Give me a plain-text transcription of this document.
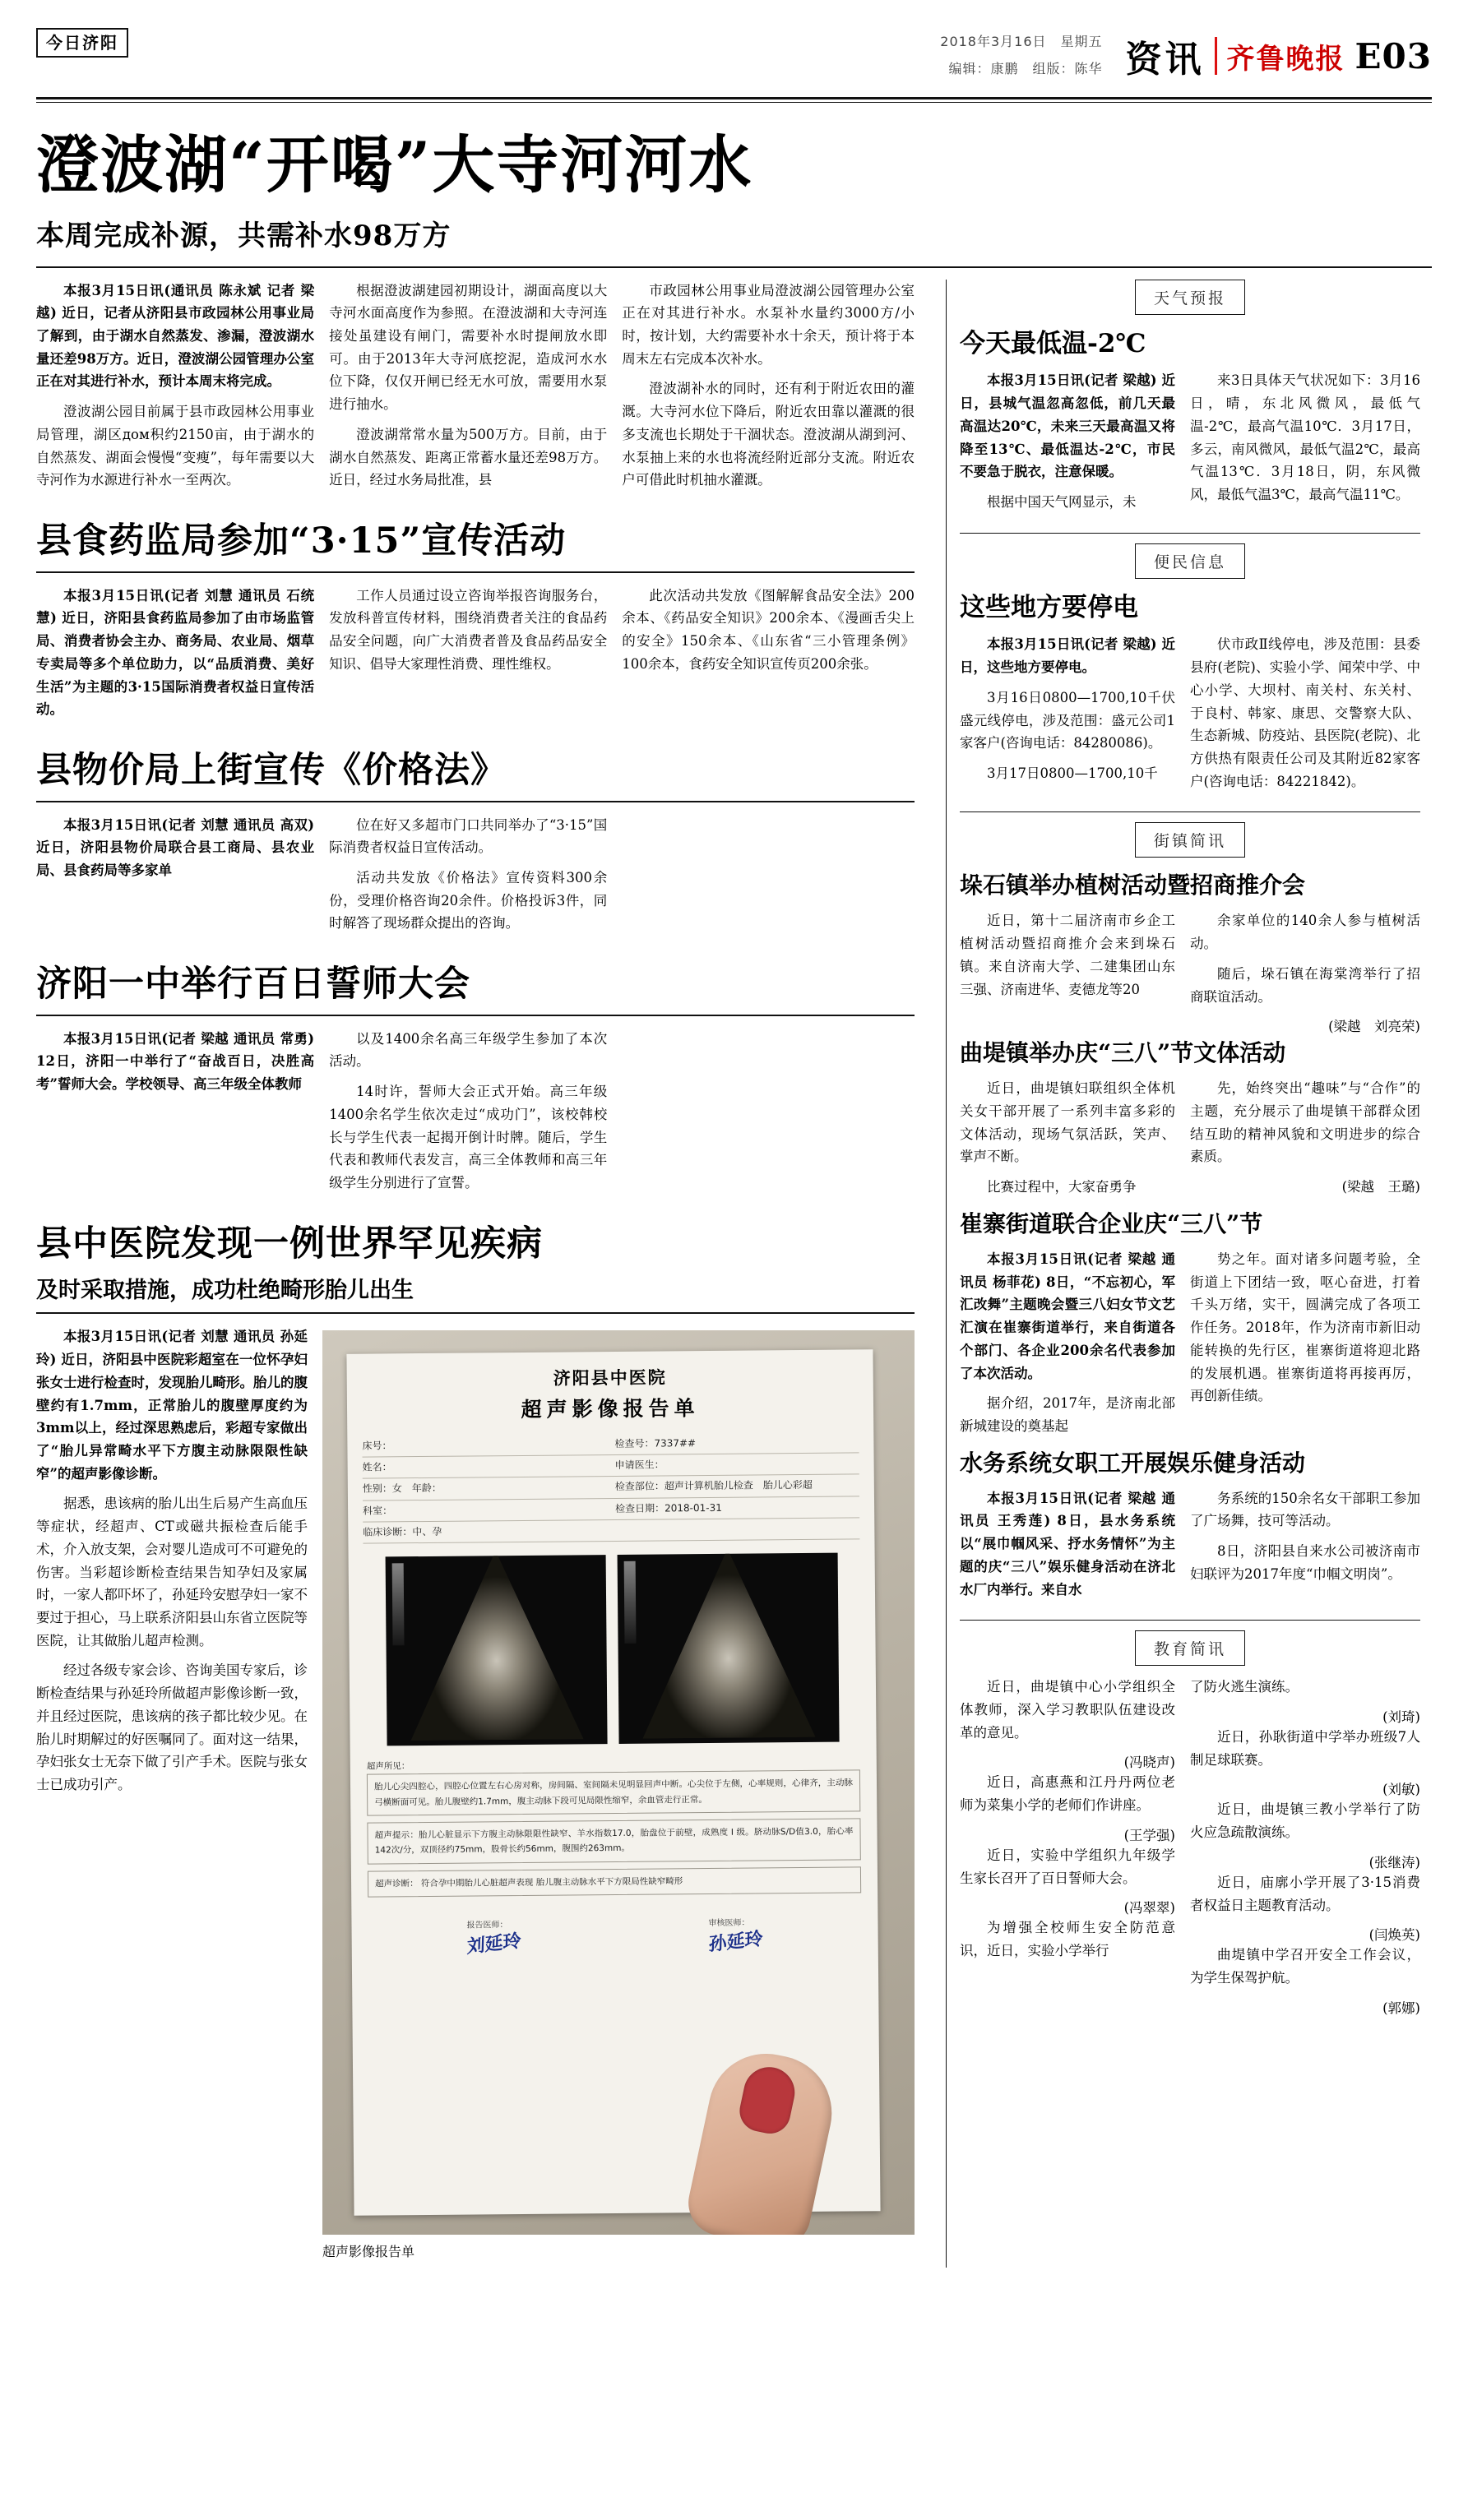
今日济阳	2018年3月16日　星期五
编辑：康鹏　组版：陈华 资讯 齐鲁晚报 E03
澄波湖“开喝”大寺河河水
本周完成补源，共需补水98万方

本报3月15日讯(通讯员 陈永斌 记者 梁越) 近日，记者从济阳县市政园林公用事业局了解到，由于湖水自然蒸发、渗漏，澄波湖水量还差98万方。近日，澄波湖公园管理办公室正在对其进行补水，预计本周末将完成。

澄波湖公园目前属于县市政园林公用事业局管理，湖区дом积约2150亩，由于湖水的自然蒸发、湖面会慢慢“变瘦”，每年需要以大寺河作为水源进行补水一至两次。

根据澄波湖建园初期设计，湖面高度以大寺河水面高度作为参照。在澄波湖和大寺河连接处虽建设有闸门，需要补水时提闸放水即可。由于2013年大寺河底挖泥，造成河水水位下降，仅仅开闸已经无水可放，需要用水泵进行抽水。

澄波湖常常水量为500万方。目前，由于湖水自然蒸发、距离正常蓄水量还差98万方。近日，经过水务局批准，县

市政园林公用事业局澄波湖公园管理办公室正在对其进行补水。水泵补水量约3000方/小时，按计划，大约需要补水十余天，预计将于本周末左右完成本次补水。

澄波湖补水的同时，还有利于附近农田的灌溉。大寺河水位下降后，附近农田靠以灌溉的很多支流也长期处于干涸状态。澄波湖从湖到河、水泵抽上来的水也将流经附近部分支流。附近农户可借此时机抽水灌溉。

县食药监局参加“3·15”宣传活动

本报3月15日讯(记者 刘慧 通讯员 石统慧) 近日，济阳县食药监局参加了由市场监管局、消费者协会主办、商务局、农业局、烟草专卖局等多个单位助力，以“品质消费、美好生活”为主题的3·15国际消费者权益日宣传活动。

工作人员通过设立咨询举报咨询服务台，发放科普宣传材料，围绕消费者关注的食品药品安全问题，向广大消费者普及食品药品安全知识、倡导大家理性消费、理性维权。

此次活动共发放《图解解食品安全法》200余本、《药品安全知识》200余本、《漫画舌尖上的安全》150余本、《山东省“三小管理条例》100余本，食药安全知识宣传页200余张。

县物价局上街宣传《价格法》

本报3月15日讯(记者 刘慧 通讯员 高双) 近日，济阳县物价局联合县工商局、县农业局、县食药局等多家单

位在好又多超市门口共同举办了“3·15”国际消费者权益日宣传活动。

活动共发放《价格法》宣传资料300余份，受理价格咨询20余件。价格投诉3件，同时解答了现场群众提出的咨询。

济阳一中举行百日誓师大会

本报3月15日讯(记者 梁越 通讯员 常勇) 12日，济阳一中举行了“奋战百日，决胜高考”誓师大会。学校领导、高三年级全体教师

以及1400余名高三年级学生参加了本次活动。

14时许，誓师大会正式开始。高三年级1400余名学生依次走过“成功门”，该校韩校长与学生代表一起揭开倒计时牌。随后，学生代表和教师代表发言，高三全体教师和高三年级学生分别进行了宣誓。

县中医院发现一例世界罕见疾病
及时采取措施，成功杜绝畸形胎儿出生

本报3月15日讯(记者 刘慧 通讯员 孙延玲) 近日，济阳县中医院彩超室在一位怀孕妇张女士进行检查时，发现胎儿畸形。胎儿的腹壁约有1.7mm，正常胎儿的腹壁厚度约为3mm以上，经过深思熟虑后，彩超专家做出了“胎儿异常畸水平下方腹主动脉限限性缺窄”的超声影像诊断。

据悉，患该病的胎儿出生后易产生高血压等症状，经超声、CT或磁共振检查后能手术，介入放支架，会对婴儿造成可不可避免的伤害。当彩超诊断检查结果告知孕妇及家属时，一家人都吓坏了，孙延玲安慰孕妇一家不要过于担心，马上联系济阳县山东省立医院等医院，让其做胎儿超声检测。

经过各级专家会诊、咨询美国专家后，诊断检查结果与孙延玲所做超声影像诊断一致，并且经过医院，患该病的孩子都比较少见。在胎儿时期解过的好医嘱同了。面对这一结果，孕妇张女士无奈下做了引产手术。医院与张女士已成功引产。

济阳县中医院
超声影像报告单
床号：	检查号：7337##
姓名：	申请医生：
性别：女　年龄：	检查部位：超声计算机胎儿检查　胎儿心彩超
科室：	检查日期：2018-01-31
临床诊断：中、孕
超声所见：
胎儿心尖四腔心，四腔心位置左右心房对称，房间隔、室间隔未见明显回声中断。心尖位于左侧，心率规则，心律齐，主动脉弓横断面可见。胎儿腹壁约1.7mm，腹主动脉下段可见局限性缩窄，余血管走行正常。
超声提示：胎儿心脏显示下方腹主动脉限限性缺窄、羊水指数17.0，胎盘位于前壁，成熟度 I 级。脐动脉S/D值3.0，胎心率142次/分，双顶径约75mm，股骨长约56mm，腹围约263mm。
超声诊断： 符合孕中期胎儿心脏超声表现 胎儿腹主动脉水平下方限局性缺窄畸形
报告医师：
刘延玲
审核医师：
孙延玲
超声影像报告单

天气预报
今天最低温-2℃

本报3月15日讯(记者 梁越) 近日，县城气温忽高忽低，前几天最高温达20℃，未来三天最高温又将降至13℃、最低温达-2℃，市民不要急于脱衣，注意保暖。

根据中国天气网显示，未

来3日具体天气状况如下：3月16日，晴，东北风微风，最低气温-2℃，最高气温10℃．3月17日，多云，南风微风，最低气温2℃，最高气温13℃．3月18日，阴，东风微风，最低气温3℃，最高气温11℃。

便民信息
这些地方要停电

本报3月15日讯(记者 梁越) 近日，这些地方要停电。

3月16日0800—1700,10千伏盛元线停电，涉及范围：盛元公司1家客户(咨询电话：84280086)。

3月17日0800—1700,10千

伏市政Ⅱ线停电，涉及范围：县委县府(老院)、实验小学、闻荣中学、中心小学、大坝村、南关村、东关村、于良村、韩家、康思、交警察大队、生态新城、防疫站、县医院(老院)、北方供热有限责任公司及其附近82家客户(咨询电话：84221842)。

街镇简讯
垛石镇举办植树活动暨招商推介会

近日，第十二届济南市乡企工植树活动暨招商推介会来到垛石镇。来自济南大学、二建集团山东三强、济南进华、麦德龙等20

余家单位的140余人参与植树活动。

随后，垛石镇在海棠湾举行了招商联谊活动。

(梁越　刘亮荣)

曲堤镇举办庆“三八”节文体活动

近日，曲堤镇妇联组织全体机关女干部开展了一系列丰富多彩的文体活动，现场气氛活跃，笑声、掌声不断。

比赛过程中，大家奋勇争

先，始终突出“趣味”与“合作”的主题，充分展示了曲堤镇干部群众团结互助的精神风貌和文明进步的综合素质。

(梁越　王璐)

崔寨街道联合企业庆“三八”节

本报3月15日讯(记者 梁越 通讯员 杨菲花) 8日，“不忘初心，军汇改舞”主题晚会暨三八妇女节文艺汇演在崔寨街道举行，来自街道各个部门、各企业200余名代表参加了本次活动。

据介绍，2017年，是济南北部新城建设的奠基起

势之年。面对诸多问题考验，全街道上下团结一致，呕心奋进，打着千头万绪，实干，圆满完成了各项工作任务。2018年，作为济南市新旧动能转换的先行区，崔寨街道将迎北路的发展机遇。崔寨街道将再接再厉，再创新佳绩。

水务系统女职工开展娱乐健身活动

本报3月15日讯(记者 梁越 通讯员 王秀莲) 8日，县水务系统以“展巾帼风采、抒水务情怀”为主题的庆“三八”娱乐健身活动在济北水厂内举行。来自水

务系统的150余名女干部职工参加了广场舞，技可等活动。

8日，济阳县自来水公司被济南市妇联评为2017年度“巾帼文明岗”。

教育简讯

近日，曲堤镇中心小学组织全体教师，深入学习教职队伍建设改革的意见。

(冯晓声)

近日，高惠燕和江丹丹两位老师为菜集小学的老师们作讲座。

(王学强)

近日，实验中学组织九年级学生家长召开了百日誓师大会。

(冯翠翠)

为增强全校师生安全防范意识，近日，实验小学举行

了防火逃生演练。

(刘琦)

近日，孙耿街道中学举办班级7人制足球联赛。

(刘敏)

近日，曲堤镇三教小学举行了防火应急疏散演练。

(张继涛)

近日，庙廓小学开展了3·15消费者权益日主题教育活动。

(闫焕英)

曲堤镇中学召开安全工作会议，为学生保驾护航。

(郭娜)
